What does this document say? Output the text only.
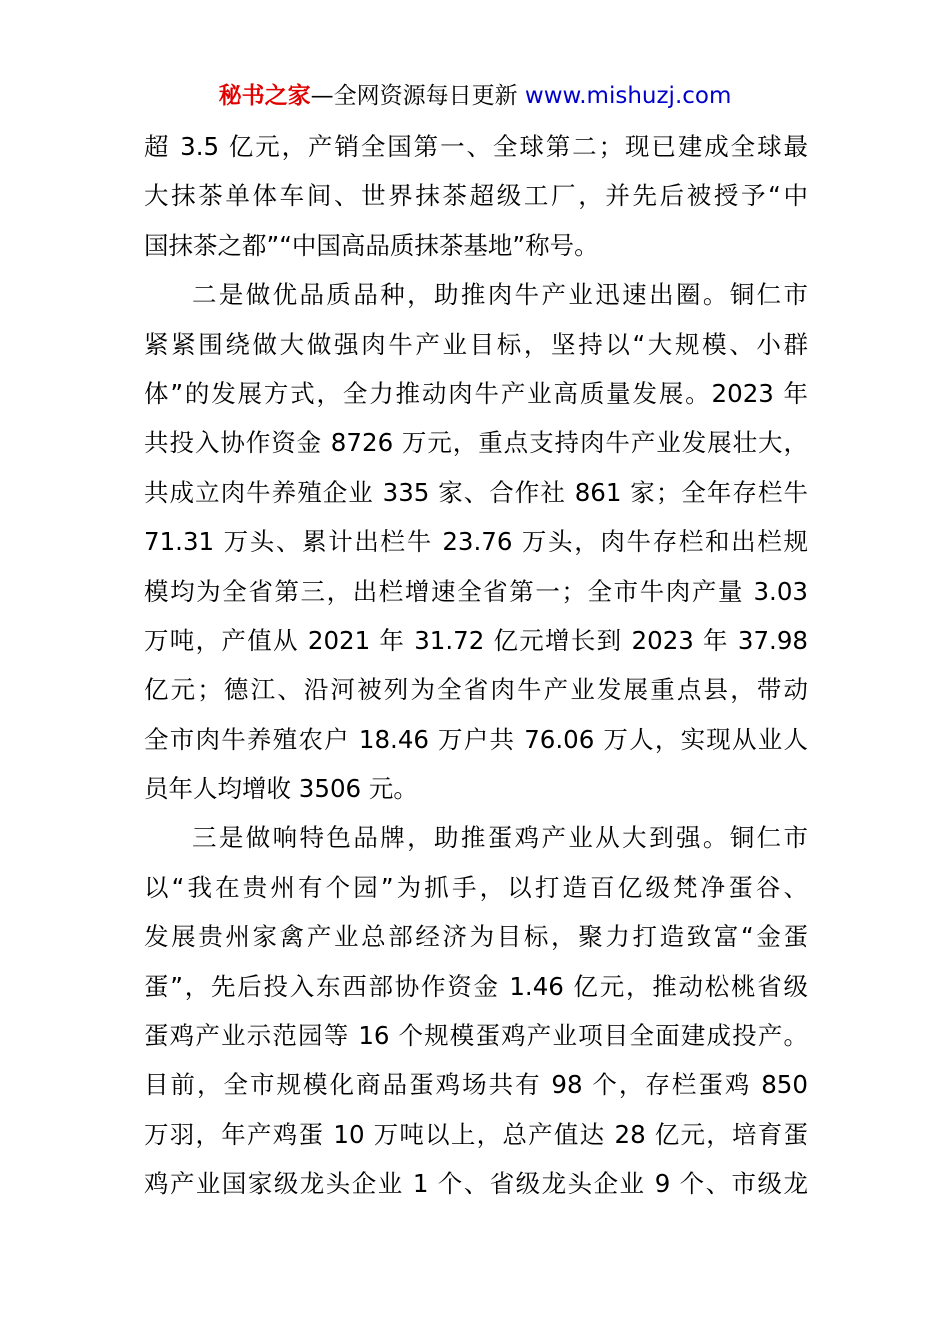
秘书之家—全网资源每日更新 www.mishuzj.com
超 3.5 亿元，产销全国第一、全球第二；现已建成全球最
大抹茶单体车间、世界抹茶超级工厂，并先后被授予“中
国抹茶之都”“中国高品质抹茶基地”称号。
二是做优品质品种，助推肉牛产业迅速出圈。铜仁市
紧紧围绕做大做强肉牛产业目标，坚持以“大规模、小群
体”的发展方式，全力推动肉牛产业高质量发展。2023 年
共投入协作资金 8726 万元，重点支持肉牛产业发展壮大，
共成立肉牛养殖企业 335 家、合作社 861 家；全年存栏牛
71.31 万头、累计出栏牛 23.76 万头，肉牛存栏和出栏规
模均为全省第三，出栏增速全省第一；全市牛肉产量 3.03
万吨，产值从 2021 年 31.72 亿元增长到 2023 年 37.98
亿元；德江、沿河被列为全省肉牛产业发展重点县，带动
全市肉牛养殖农户 18.46 万户共 76.06 万人，实现从业人
员年人均增收 3506 元。
三是做响特色品牌，助推蛋鸡产业从大到强。铜仁市
以“我在贵州有个园”为抓手，以打造百亿级梵净蛋谷、
发展贵州家禽产业总部经济为目标，聚力打造致富“金蛋
蛋”，先后投入东西部协作资金 1.46 亿元，推动松桃省级
蛋鸡产业示范园等 16 个规模蛋鸡产业项目全面建成投产。
目前，全市规模化商品蛋鸡场共有 98 个，存栏蛋鸡 850
万羽，年产鸡蛋 10 万吨以上，总产值达 28 亿元，培育蛋
鸡产业国家级龙头企业 1 个、省级龙头企业 9 个、市级龙
